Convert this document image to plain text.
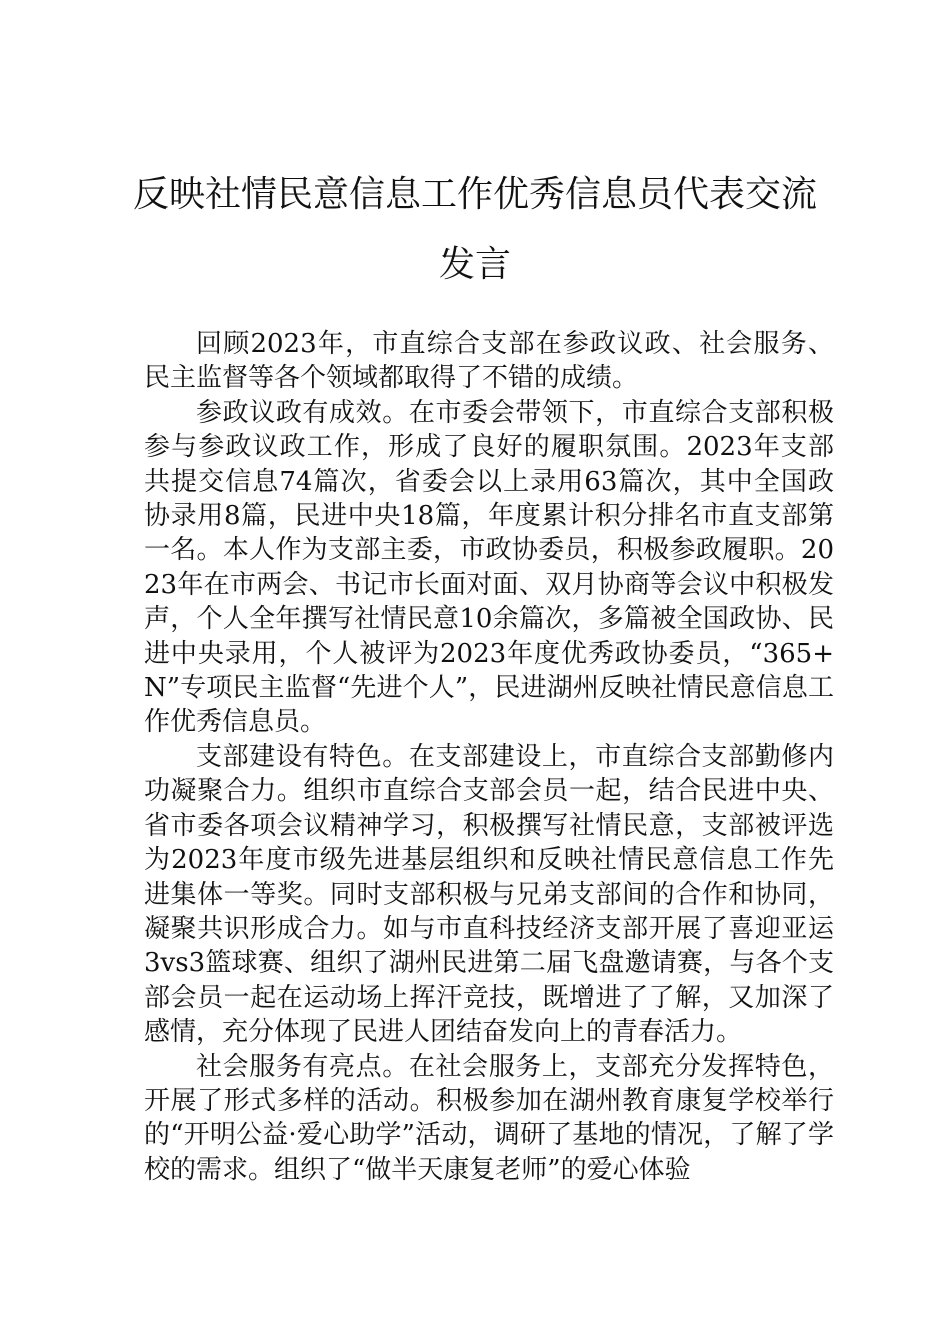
反映社情民意信息工作优秀信息员代表交流发言

回顾2023年，市直综合支部在参政议政、社会服务、民主监督等各个领域都取得了不错的成绩。

参政议政有成效。在市委会带领下，市直综合支部积极参与参政议政工作，形成了良好的履职氛围。2023年支部共提交信息74篇次，省委会以上录用63篇次，其中全国政协录用8篇，民进中央18篇，年度累计积分排名市直支部第一名。本人作为支部主委，市政协委员，积极参政履职。2023年在市两会、书记市长面对面、双月协商等会议中积极发声，个人全年撰写社情民意10余篇次，多篇被全国政协、民进中央录用，个人被评为2023年度优秀政协委员，“365+N”专项民主监督“先进个人”，民进湖州反映社情民意信息工作优秀信息员。

支部建设有特色。在支部建设上，市直综合支部勤修内功凝聚合力。组织市直综合支部会员一起，结合民进中央、省市委各项会议精神学习，积极撰写社情民意，支部被评选为2023年度市级先进基层组织和反映社情民意信息工作先进集体一等奖。同时支部积极与兄弟支部间的合作和协同，凝聚共识形成合力。如与市直科技经济支部开展了喜迎亚运3vs3篮球赛、组织了湖州民进第二届飞盘邀请赛，与各个支部会员一起在运动场上挥汗竞技，既增进了了解，又加深了感情，充分体现了民进人团结奋发向上的青春活力。

社会服务有亮点。在社会服务上，支部充分发挥特色，开展了形式多样的活动。积极参加在湖州教育康复学校举行的“开明公益·爱心助学”活动，调研了基地的情况，了解了学校的需求。组织了“做半天康复老师”的爱心体验
